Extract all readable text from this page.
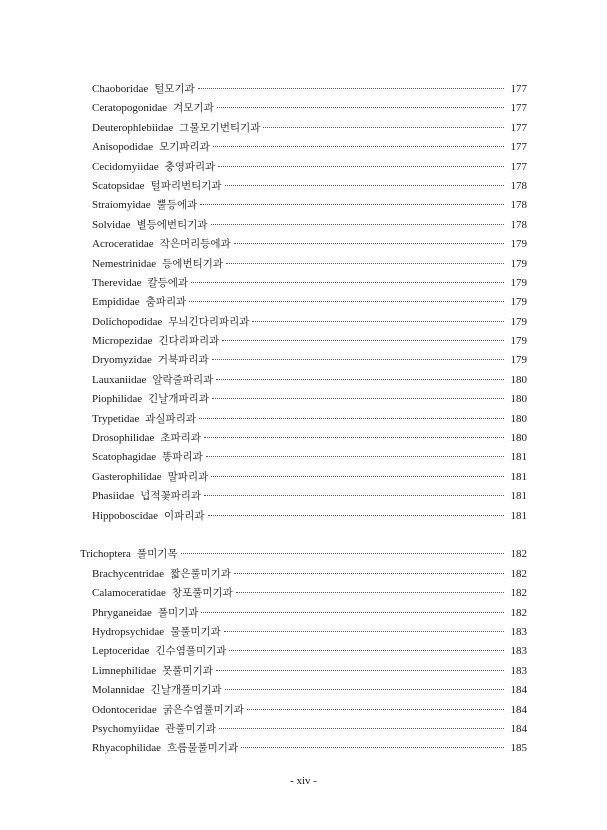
Chaoboridae 털모기과	177
Ceratopogonidae 겨모기과	177
Deuterophlebiidae 그물모기번티기과	177
Anisopodidae 모기파리과	177
Cecidomyiidae 충영파리과	177
Scatopsidae 털파리번티기과	178
Straiomyidae 뿔등에과	178
Solvidae 별등에번티기과	178
Acroceratidae 작은머리등에과	179
Nemestrinidae 등에번티기과	179
Therevidae 칼등에과	179
Empididae 춤파리과	179
Dolichopodidae 무늬긴다리파리과	179
Micropezidae 긴다리파리과	179
Dryomyzidae 거북파리과	179
Lauxaniidae 알락줄파리과	180
Piophilidae 긴날개파리과	180
Trypetidae 과실파리과	180
Drosophilidae 초파리과	180
Scatophagidae 똥파리과	181
Gasterophilidae 말파리과	181
Phasiidae 넙적꽃파리과	181
Hippoboscidae 이파리과	181
Trichoptera 풀미기목	182
Brachycentridae 짧은풀미기과	182
Calamoceratidae 창포풀미기과	182
Phryganeidae 풀미기과	182
Hydropsychidae 물풀미기과	183
Leptoceridae 긴수염풀미기과	183
Limnephilidae 못풀미기과	183
Molannidae 긴날개풀미기과	184
Odontoceridae 굵은수염풀미기과	184
Psychomyiidae 관풀미기과	184
Rhyacophilidae 흐름물풀미기과	185
- xiv -
